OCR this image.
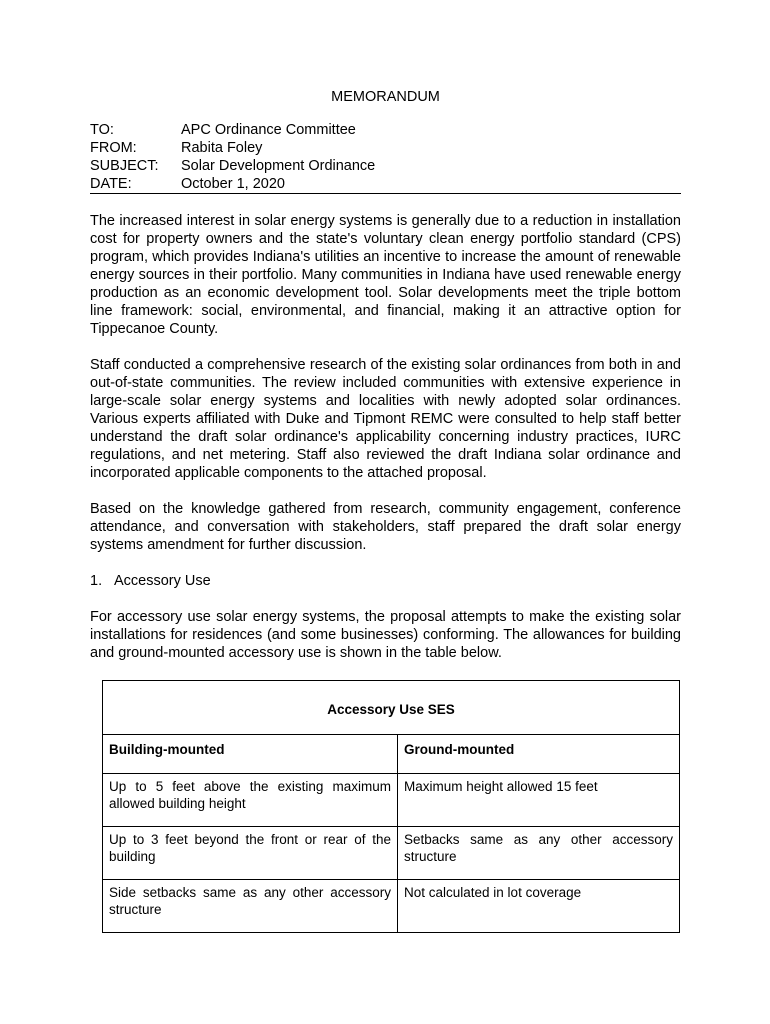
MEMORANDUM
TO:	APC Ordinance Committee
FROM:	Rabita Foley
SUBJECT:	Solar Development Ordinance
DATE:	October 1, 2020

The increased interest in solar energy systems is generally due to a reduction in installation cost for property owners and the state's voluntary clean energy portfolio standard (CPS) program, which provides Indiana's utilities an incentive to increase the amount of renewable energy sources in their portfolio. Many communities in Indiana have used renewable energy production as an economic development tool. Solar developments meet the triple bottom line framework: social, environmental, and financial, making it an attractive option for Tippecanoe County.

Staff conducted a comprehensive research of the existing solar ordinances from both in and out-of-state communities. The review included communities with extensive experience in large-scale solar energy systems and localities with newly adopted solar ordinances. Various experts affiliated with Duke and Tipmont REMC were consulted to help staff better understand the draft solar ordinance's applicability concerning industry practices, IURC regulations, and net metering. Staff also reviewed the draft Indiana solar ordinance and incorporated applicable components to the attached proposal.

Based on the knowledge gathered from research, community engagement, conference attendance, and conversation with stakeholders, staff prepared the draft solar energy systems amendment for further discussion.

1. Accessory Use

For accessory use solar energy systems, the proposal attempts to make the existing solar installations for residences (and some businesses) conforming. The allowances for building and ground-mounted accessory use is shown in the table below.

Accessory Use SES	
Building-mounted	Ground-mounted
Up to 5 feet above the existing maximum allowed building height	Maximum height allowed 15 feet
Up to 3 feet beyond the front or rear of the building	Setbacks same as any other accessory structure
Side setbacks same as any other accessory structure	Not calculated in lot coverage
